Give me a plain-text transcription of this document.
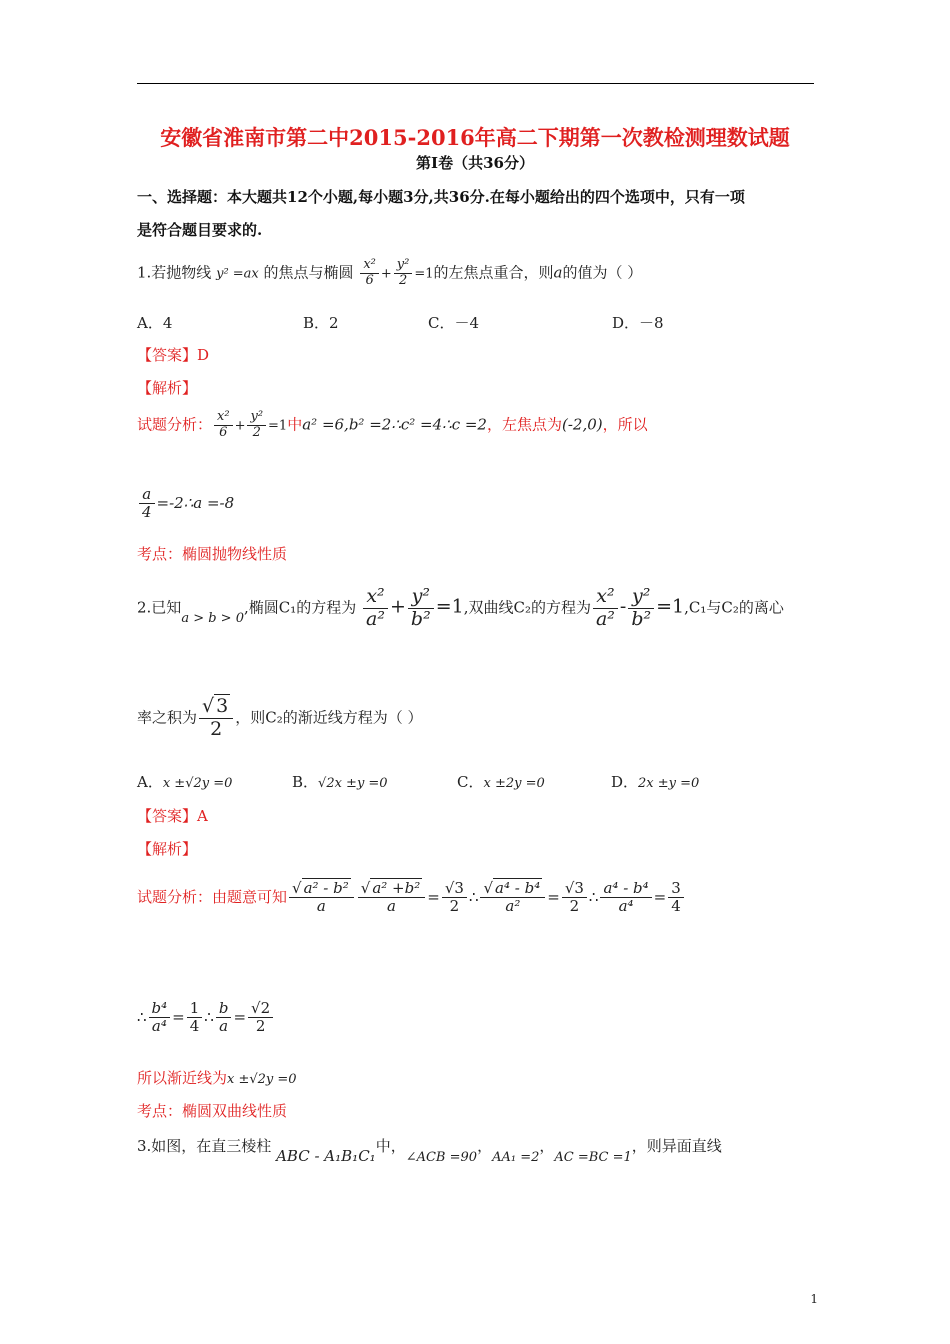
安徽省淮南市第二中2015-2016年高二下期第一次教检测理数试题
第Ⅰ卷（共36分）
一、选择题：本大题共12个小题,每小题3分,共36分.在每小题给出的四个选项中，只有一项
是符合题目要求的.
1.若抛物线 y² =ax 的焦点与椭圆 $\frac{\text{x²}}{6} + \frac{\text{y²}}{2} =1$的左焦点重合，则a的值为（ ）
A．4	B．2	C．－4	D．－8
【答案】D
【解析】
试题分析： $\frac{\text{x²}}{6} + \frac{\text{y²}}{2} =1$中a² =6,b² =2∴c² =4∴c =2，左焦点为(-2,0)，所以
$\frac{a}{4}$ =-2∴a =-8
考点：椭圆抛物线性质
2.已知a > b > 0,椭圆C₁的方程为 $\frac{\text{x²}}{\text{a²}} + \frac{\text{y²}}{\text{b²}} =1$,双曲线C₂的方程为 $\frac{\text{x²}}{\text{a²}} - \frac{\text{y²}}{\text{b²}} =1,C_1$与C₂的离心
率之积为 $\frac{√ 3}{2}$ ，则C₂的渐近线方程为（ ）
A．x ±√2y =0	B．√2x ±y =0	C．x ±2y =0	D．2x ±y =0
【答案】A
【解析】
试题分析：由题意可知 $\frac{\text{√ a² - b²}}{a} \frac{\text{√ a² +b²}}{a} = \frac{√3}{2}$ ∴ $\frac{\text{√ a⁴ - b⁴}}{\text{a²}} = \frac{√3}{2}$ ∴ $\frac{\text{a⁴ - b⁴}}{\text{a⁴}} = \frac{3}{4}$
∴ $\frac{\text{b⁴}}{\text{a⁴}} = \frac{1}{4}$ ∴ $\frac{b}{a} = \frac{√2}{2}$
所以渐近线为x ±√2y =0
考点：椭圆双曲线性质
3.如图，在直三棱柱 ABC - A₁B₁C₁中，∠ACB =90，AA₁ =2，AC =BC =1，则异面直线
1
